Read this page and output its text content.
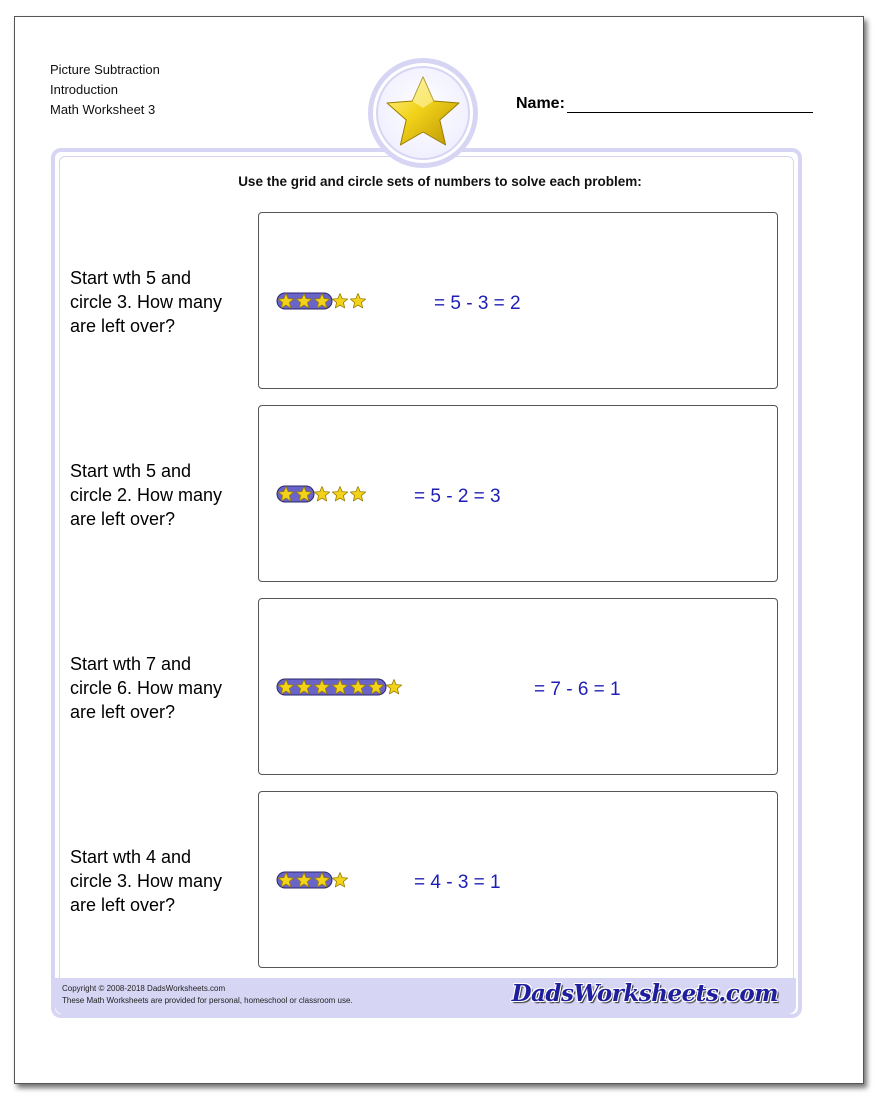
Picture Subtraction
Introduction
Math Worksheet 3	Name:
Use the grid and circle sets of numbers to solve each problem:
Start wth 5 and
circle 3. How many
are left over?
= 5 - 3 = 2
Start wth 5 and
circle 2. How many
are left over?
= 5 - 2 = 3
Start wth 7 and
circle 6. How many
are left over?
= 7 - 6 = 1
Start wth 4 and
circle 3. How many
are left over?
= 4 - 3 = 1
Copyright © 2008-2018 DadsWorksheets.com
These Math Worksheets are provided for personal, homeschool or classroom use.	DadsWorksheets.com
